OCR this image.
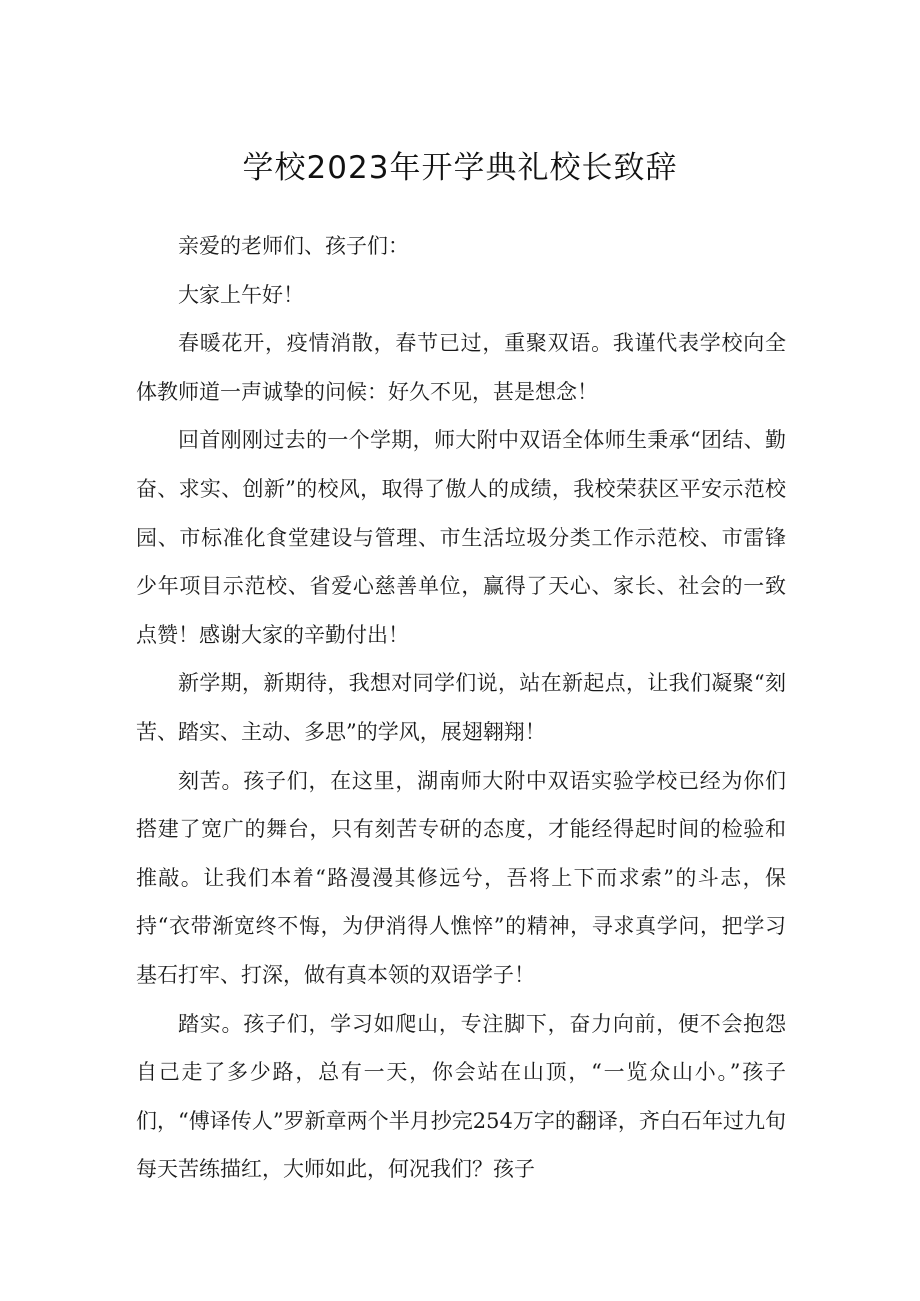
学校2023年开学典礼校长致辞

亲爱的老师们、孩子们：

大家上午好！

春暖花开，疫情消散，春节已过，重聚双语。我谨代表学校向全体教师道一声诚挚的问候：好久不见，甚是想念！

回首刚刚过去的一个学期，师大附中双语全体师生秉承“团结、勤奋、求实、创新”的校风，取得了傲人的成绩，我校荣获区平安示范校园、市标准化食堂建设与管理、市生活垃圾分类工作示范校、市雷锋少年项目示范校、省爱心慈善单位，赢得了天心、家长、社会的一致点赞！感谢大家的辛勤付出！

新学期，新期待，我想对同学们说，站在新起点，让我们凝聚“刻苦、踏实、主动、多思”的学风，展翅翱翔！

刻苦。孩子们，在这里，湖南师大附中双语实验学校已经为你们搭建了宽广的舞台，只有刻苦专研的态度，才能经得起时间的检验和推敲。让我们本着“路漫漫其修远兮，吾将上下而求索”的斗志，保持“衣带渐宽终不悔，为伊消得人憔悴”的精神，寻求真学问，把学习基石打牢、打深，做有真本领的双语学子！

踏实。孩子们，学习如爬山，专注脚下，奋力向前，便不会抱怨自己走了多少路，总有一天，你会站在山顶，“一览众山小。”孩子们，“傅译传人”罗新章两个半月抄完254万字的翻译，齐白石年过九旬每天苦练描红，大师如此，何况我们？孩子
